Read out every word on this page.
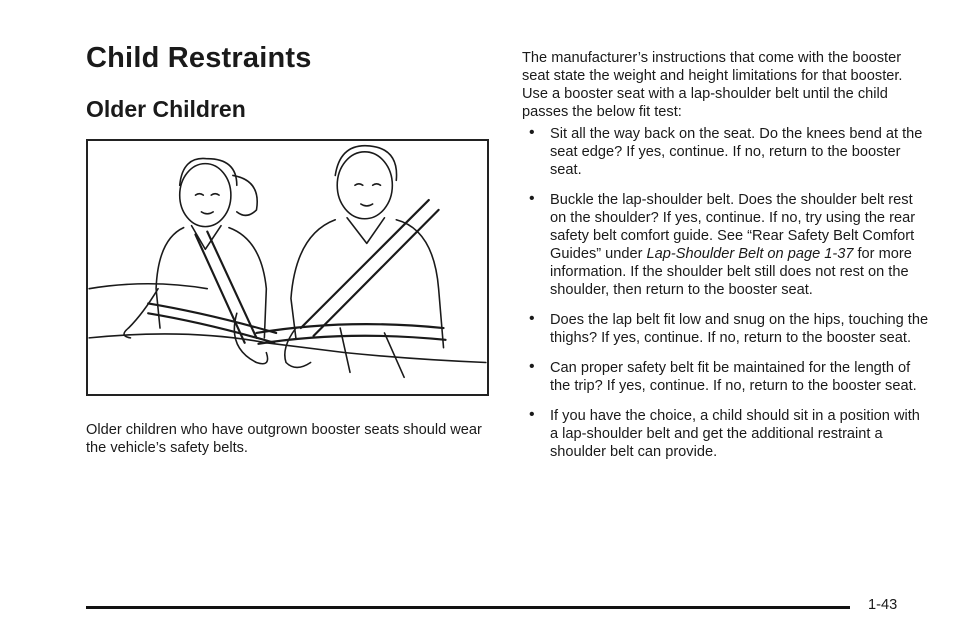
Child Restraints
Older Children
Older children who have outgrown booster seats should wear the vehicle’s safety belts.
The manufacturer’s instructions that come with the booster seat state the weight and height limitations for that booster. Use a booster seat with a lap-shoulder belt until the child passes the below fit test:
• Sit all the way back on the seat. Do the knees bend at the seat edge? If yes, continue. If no, return to the booster seat.
• Buckle the lap-shoulder belt. Does the shoulder belt rest on the shoulder? If yes, continue. If no, try using the rear safety belt comfort guide. See “Rear Safety Belt Comfort Guides” under Lap-Shoulder Belt on page 1-37 for more information. If the shoulder belt still does not rest on the shoulder, then return to the booster seat.
• Does the lap belt fit low and snug on the hips, touching the thighs? If yes, continue. If no, return to the booster seat.
• Can proper safety belt fit be maintained for the length of the trip? If yes, continue. If no, return to the booster seat.
• If you have the choice, a child should sit in a position with a lap-shoulder belt and get the additional restraint a shoulder belt can provide.
1-43
